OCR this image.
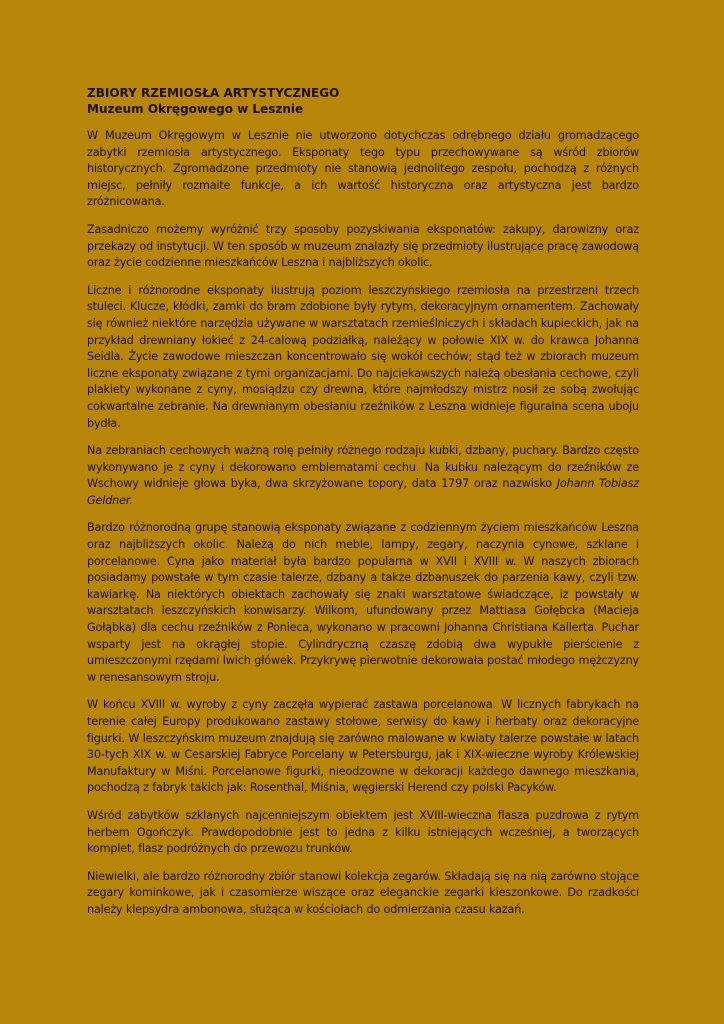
ZBIORY RZEMIOSŁA ARTYSTYCZNEGO
Muzeum Okręgowego w Lesznie

W Muzeum Okręgowym w Lesznie nie utworzono dotychczas odrębnego działu gromadzącego zabytki rzemiosła artystycznego. Eksponaty tego typu przechowywane są wśród zbiorów historycznych. Zgromadzone przedmioty nie stanowią jednolitego zespołu, pochodzą z różnych miejsc, pełniły rozmaite funkcje, a ich wartość historyczna oraz artystyczna jest bardzo zróżnicowana.

Zasadniczo możemy wyróżnić trzy sposoby pozyskiwania eksponatów: zakupy, darowizny oraz przekazy od instytucji. W ten sposób w muzeum znalazły się przedmioty ilustrujące pracę zawodową oraz życie codzienne mieszkańców Leszna i najbliższych okolic.

Liczne i różnorodne eksponaty ilustrują poziom leszczyńskiego rzemiosła na przestrzeni trzech stuleci. Klucze, kłódki, zamki do bram zdobione były rytym, dekoracyjnym ornamentem. Zachowały się również niektóre narzędzia używane w warsztatach rzemieślniczych i składach kupieckich, jak na przykład drewniany łokieć z 24-calową podziałką, należący w połowie XIX w. do krawca Johanna Seidla. Życie zawodowe mieszczan koncentrowało się wokół cechów; stąd też w zbiorach muzeum liczne eksponaty związane z tymi organizacjami. Do najciekawszych należą obesłania cechowe, czyli plakiety wykonane z cyny, mosiądzu czy drewna, które najmłodszy mistrz nosił ze sobą zwołując cokwartalne zebranie. Na drewnianym obesłaniu rzeźników z Leszna widnieje figuralna scena uboju bydła.

Na zebraniach cechowych ważną rolę pełniły różnego rodzaju kubki, dzbany, puchary. Bardzo często wykonywano je z cyny i dekorowano emblematami cechu. Na kubku należącym do rzeźników ze Wschowy widnieje głowa byka, dwa skrzyżowane topory, data 1797 oraz nazwisko Johann Tobiasz Geldner.

Bardzo różnorodną grupę stanowią eksponaty związane z codziennym życiem mieszkańców Leszna oraz najbliższych okolic. Należą do nich meble, lampy, zegary, naczynia cynowe, szklane i porcelanowe. Cyna jako materiał była bardzo popularna w XVII i XVIII w. W naszych zbiorach posiadamy powstałe w tym czasie talerze, dzbany a także dzbanuszek do parzenia kawy, czyli tzw. kawiarkę. Na niektórych obiektach zachowały się znaki warsztatowe świadczące, iż powstały w warsztatach leszczyńskich konwisarzy. Wilkom, ufundowany przez Mattiasa Gołębcka (Macieja Gołąbka) dla cechu rzeźników z Ponieca, wykonano w pracowni Johanna Christiana Kallerta. Puchar wsparty jest na okrągłej stopie. Cylindryczną czaszę zdobią dwa wypukłe pierścienie z umieszczonymi rzędami lwich główek. Przykrywę pierwotnie dekorowała postać młodego mężczyzny w renesansowym stroju.

W końcu XVIII w. wyroby z cyny zaczęła wypierać zastawa porcelanowa. W licznych fabrykach na terenie całej Europy produkowano zastawy stołowe, serwisy do kawy i herbaty oraz dekoracyjne figurki. W leszczyńskim muzeum znajdują się zarówno malowane w kwiaty talerze powstałe w latach 30-tych XIX w. w Cesarskiej Fabryce Porcelany w Petersburgu, jak i XIX-wieczne wyroby Królewskiej Manufaktury w Miśni. Porcelanowe figurki, nieodzowne w dekoracji każdego dawnego mieszkania, pochodzą z fabryk takich jak: Rosenthal, Miśnia, węgierski Herend czy polski Pacyków.

Wśród zabytków szklanych najcenniejszym obiektem jest XVIII-wieczna flasza puzdrowa z rytym herbem Ogończyk. Prawdopodobnie jest to jedna z kilku istniejących wcześniej, a tworzących komplet, flasz podróżnych do przewozu trunków.

Niewielki, ale bardzo różnorodny zbiór stanowi kolekcja zegarów. Składają się na nią zarówno stojące zegary kominkowe, jak i czasomierze wiszące oraz eleganckie zegarki kieszonkowe. Do rzadkości należy klepsydra ambonowa, służąca w kościołach do odmierzania czasu kazań.
